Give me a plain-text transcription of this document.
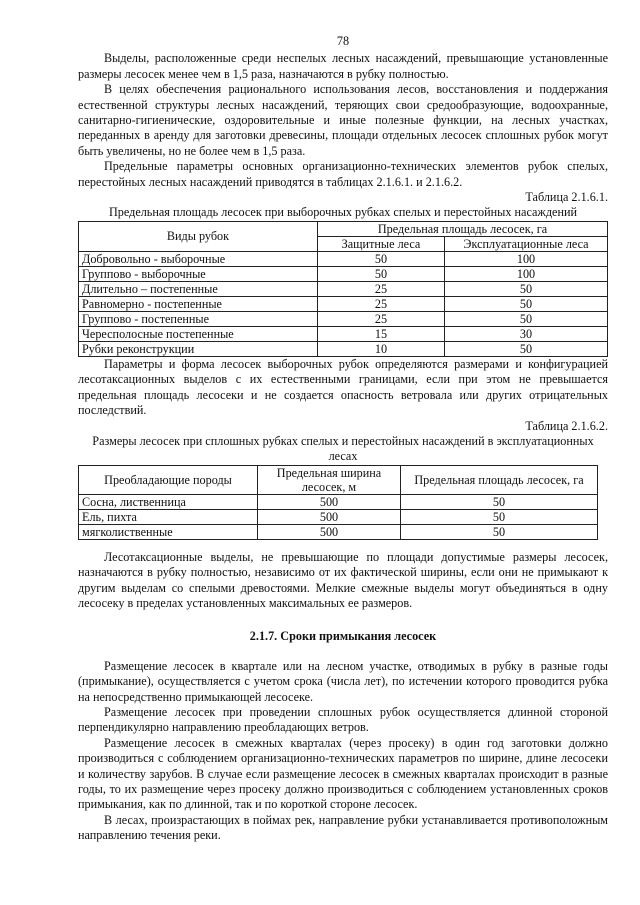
78

Выделы, расположенные среди неспелых лесных насаждений, превышающие установленные размеры лесосек менее чем в 1,5 раза, назначаются в рубку полностью.

В целях обеспечения рационального использования лесов, восстановления и поддержания естественной структуры лесных насаждений, теряющих свои средообразующие, водоохранные, санитарно-гигиенические, оздоровительные и иные полезные функции, на лесных участках, переданных в аренду для заготовки древесины, площади отдельных лесосек сплошных рубок могут быть увеличены, но не более чем в 1,5 раза.

Предельные параметры основных организационно-технических элементов рубок спелых, перестойных лесных насаждений приводятся в таблицах 2.1.6.1. и 2.1.6.2.

Таблица 2.1.6.1.
Предельная площадь лесосек при выборочных рубках спелых и перестойных насаждений
Виды рубок	Предельная площадь лесосек, га	
	Защитные леса	Эксплуатационные леса
Добровольно - выборочные	50	100
Группово - выборочные	50	100
Длительно – постепенные	25	50
Равномерно - постепенные	25	50
Группово - постепенные	25	50
Чересполосные постепенные	15	30
Рубки реконструкции	10	50

Параметры и форма лесосек выборочных рубок определяются размерами и конфигурацией лесотаксационных выделов с их естественными границами, если при этом не превышается предельная площадь лесосеки и не создается опасность ветровала или других отрицательных последствий.

Таблица 2.1.6.2.
Размеры лесосек при сплошных рубках спелых и перестойных насаждений в эксплуатационных лесах
Преобладающие породы	Предельная ширина лесосек, м	Предельная площадь лесосек, га
Сосна, лиственница	500	50
Ель, пихта	500	50
мягколиственные	500	50

Лесотаксационные выделы, не превышающие по площади допустимые размеры лесосек, назначаются в рубку полностью, независимо от их фактической ширины, если они не примыкают к другим выделам со спелыми древостоями. Мелкие смежные выделы могут объединяться в одну лесосеку в пределах установленных максимальных ее размеров.

2.1.7. Сроки примыкания лесосек

Размещение лесосек в квартале или на лесном участке, отводимых в рубку в разные годы (примыкание), осуществляется с учетом срока (числа лет), по истечении которого проводится рубка на непосредственно примыкающей лесосеке.

Размещение лесосек при проведении сплошных рубок осуществляется длинной стороной перпендикулярно направлению преобладающих ветров.

Размещение лесосек в смежных кварталах (через просеку) в один год заготовки должно производиться с соблюдением организационно-технических параметров по ширине, длине лесосеки и количеству зарубов. В случае если размещение лесосек в смежных кварталах происходит в разные годы, то их размещение через просеку должно производиться с соблюдением установленных сроков примыкания, как по длинной, так и по короткой стороне лесосек.

В лесах, произрастающих в поймах рек, направление рубки устанавливается противоположным направлению течения реки.
